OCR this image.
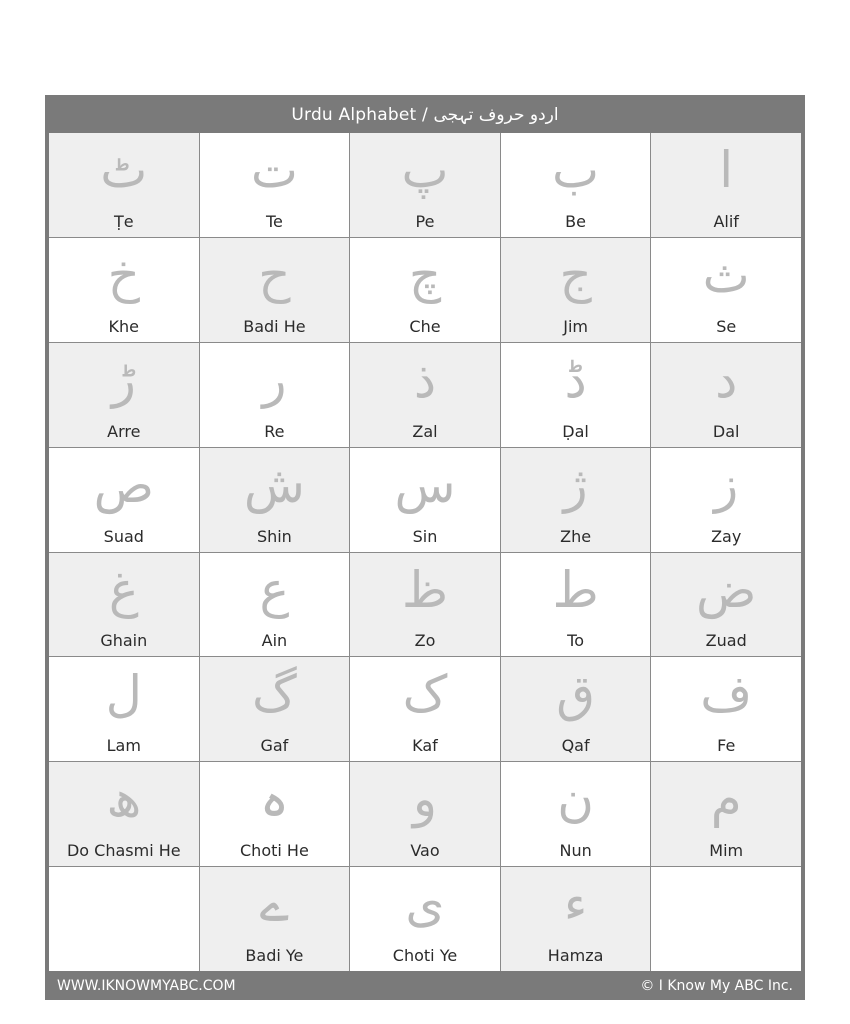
Urdu Alphabet / اردو حروف تہجی
ٹ
Ṭe
ت
Te
پ
Pe
ب
Be
ا
Alif
خ
Khe
ح
Badi He
چ
Che
ج
Jim
ث
Se
ڑ
Arre
ر
Re
ذ
Zal
ڈ
Ḍal
د
Dal
ص
Suad
ش
Shin
س
Sin
ژ
Zhe
ز
Zay
غ
Ghain
ع
Ain
ظ
Zo
ط
To
ض
Zuad
ل
Lam
گ
Gaf
ک
Kaf
ق
Qaf
ف
Fe
ھ
Do Chasmi He
ہ
Choti He
و
Vao
ن
Nun
م
Mim
ے
Badi Ye
ی
Choti Ye
ء
Hamza
WWW.IKNOWMYABC.COM	© I Know My ABC Inc.
